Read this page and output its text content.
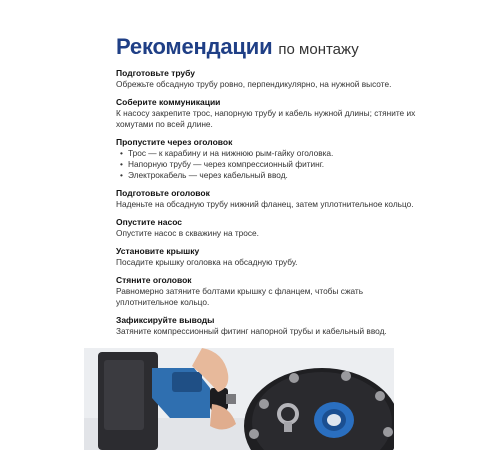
Рекомендации по монтажу
Подготовьте трубу
Обрежьте обсадную трубу ровно, перпендикулярно, на нужной высоте.
Соберите коммуникации
К насосу закрепите трос, напорную трубу и кабель нужной длины; стяните их хомутами по всей длине.
Пропустите через оголовок
• Трос — к карабину и на нижнюю рым-гайку оголовка.
• Напорную трубу — через компрессионный фитинг.
• Электрокабель — через кабельный ввод.
Подготовьте оголовок
Наденьте на обсадную трубу нижний фланец, затем уплотнительное кольцо.
Опустите насос
Опустите насос в скважину на тросе.
Установите крышку
Посадите крышку оголовка на обсадную трубу.
Стяните оголовок
Равномерно затяните болтами крышку с фланцем, чтобы сжать уплотнительное кольцо.
Зафиксируйте выводы
Затяните компрессионный фитинг напорной трубы и кабельный ввод.
